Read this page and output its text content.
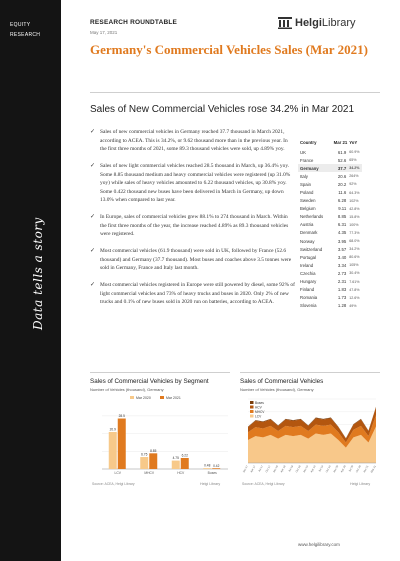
EQUITY
RESEARCH
Data tells a story
RESEARCH ROUNDTABLE
May 17, 2021
HelgiLibrary
Germany's Commercial Vehicles Sales (Mar 2021)
Sales of New Commercial Vehicles rose 34.2% in Mar 2021
✓ Sales of new commercial vehicles in Germany reached 37.7 thousand in March 2021, according to ACEA. This is 34.2%, or 9.62 thousand more than in the previous year. In the first three months of 2021, some 89.3 thousand vehicles were sold, up 4.89% yoy.
✓ Sales of new light commercial vehicles reached 28.5 thousand in March, up 36.4% yoy. Some 8.85 thousand medium and heavy commercial vehicles were registered (up 31.0% yoy) while sales of heavy vehicles amounted to 6.22 thousand vehicles, up 30.8% yoy. Some 0.422 thousand new buses have been delivered in March in Germany, up down 13.0% when compared to last year.
✓ In Europe, sales of commercial vehicles grew 88.1% to 274 thousand in March. Within the first three months of the year, the increase reached 4.89% as 89.3 thousand vehicles were registered.
✓ Most commercial vehicles (61.9 thousand) were sold in UK, followed by France (52.6 thousand) and Germany (37.7 thousand). Most buses and coaches above 3.5 tonnes were sold in Germany, France and Italy last month.
✓ Most commercial vehicles registered in Europe were still powered by diesel, some 92% of light commercial vehicles and 73% of heavy trucks and buses in 2020. Only 2% of new trucks and 0.1% of new buses sold in 2020 run on batteries, according to ACEA.
Country	Mar 21	YoY
UK	61.9	60.9%
France	52.6	65%
Germany	37.7	34.2%
Italy	20.6	264%
Spain	20.2	92%
Poland	11.6	64.3%
Sweden	6.28	102%
Belgium	9.11	42.8%
Netherlands	8.85	15.8%
Austria	6.31	100%
Denmark	4.35	77.3%
Norway	3.95	68.0%
Switzerland	3.57	34.2%
Portugal	3.40	80.6%
Ireland	3.34	105%
Czechia	2.73	30.4%
Hungary	2.31	7.61%
Finland	1.83	47.8%
Romania	1.73	12.6%
Slovenia	1.28	49%
Sales of Commercial Vehicles by Segment
Number of Vehicles (thousand), Germany
Mar 2020	Mar 2021
20.9
28.5
LCV
6.75
8.85
MHCV
4.75
6.22
HCV
0.48 0.42
Buses
Source: ACEA, Helgi Library	Helgi Library
Sales of Commercial Vehicles
Number of Vehicles (thousand), Germany
Buses
HCV
MHCV
LCV
Jan 17 Apr 17 Jul 17 Oct 17 Jan 18 Apr 18 Jul 18 Oct 18 Jan 19 Apr 19 Jul 19 Oct 19 Jan 20 Apr 20 Jul 20 Oct 20 Jan 21 Mar 21
Source: ACEA, Helgi Library	Helgi Library
www.helgilibrary.com
